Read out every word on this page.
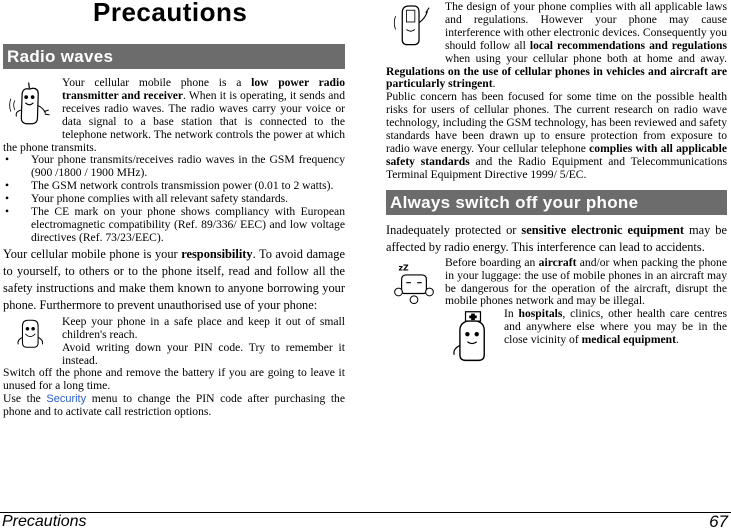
Radio waves

Your cellular mobile phone is a low power radio transmitter and receiver. When it is operating, it sends and receives radio waves. The radio waves carry your voice or data signal to a base station that is connected to the telephone network. The network controls the power at which the phone transmits.

• Your phone transmits/receives radio waves in the GSM frequency (900 /1800 / 1900 MHz).
• The GSM network controls transmission power (0.01 to 2 watts).
• Your phone complies with all relevant safety standards.
• The CE mark on your phone shows compliancy with European electromagnetic compatibility (Ref. 89/336/ EEC) and low voltage directives (Ref. 73/23/EEC).

Your cellular mobile phone is your responsibility. To avoid damage to yourself, to others or to the phone itself, read and follow all the safety instructions and make them known to anyone borrowing your phone. Furthermore to prevent unauthorised use of your phone:

Keep your phone in a safe place and keep it out of small children's reach.

Avoid writing down your PIN code. Try to remember it instead.

Switch off the phone and remove the battery if you are going to leave it unused for a long time.

Use the Security menu to change the PIN code after purchasing the phone and to activate call restriction options.

Precautions	The design of your phone complies with all applicable laws and regulations. However your phone may cause interference with other electronic devices. Consequently you should follow all local recommendations and regulations when using your cellular phone both at home and away. Regulations on the use of cellular phones in vehicles and aircraft are particularly stringent.

Public concern has been focused for some time on the possible health risks for users of cellular phones. The current research on radio wave technology, including the GSM technology, has been reviewed and safety standards have been drawn up to ensure protection from exposure to radio wave energy. Your cellular telephone complies with all applicable safety standards and the Radio Equipment and Telecommunications Terminal Equipment Directive 1999/ 5/EC.

Always switch off your phone

Inadequately protected or sensitive electronic equipment may be affected by radio energy. This interference can lead to accidents.

zZ	Before boarding an aircraft and/or when packing the phone in your luggage: the use of mobile phones in an aircraft may be dangerous for the operation of the aircraft, disrupt the mobile phones network and may be illegal.

In hospitals, clinics, other health care centres and anywhere else where you may be in the close vicinity of medical equipment.

Precautions	67
